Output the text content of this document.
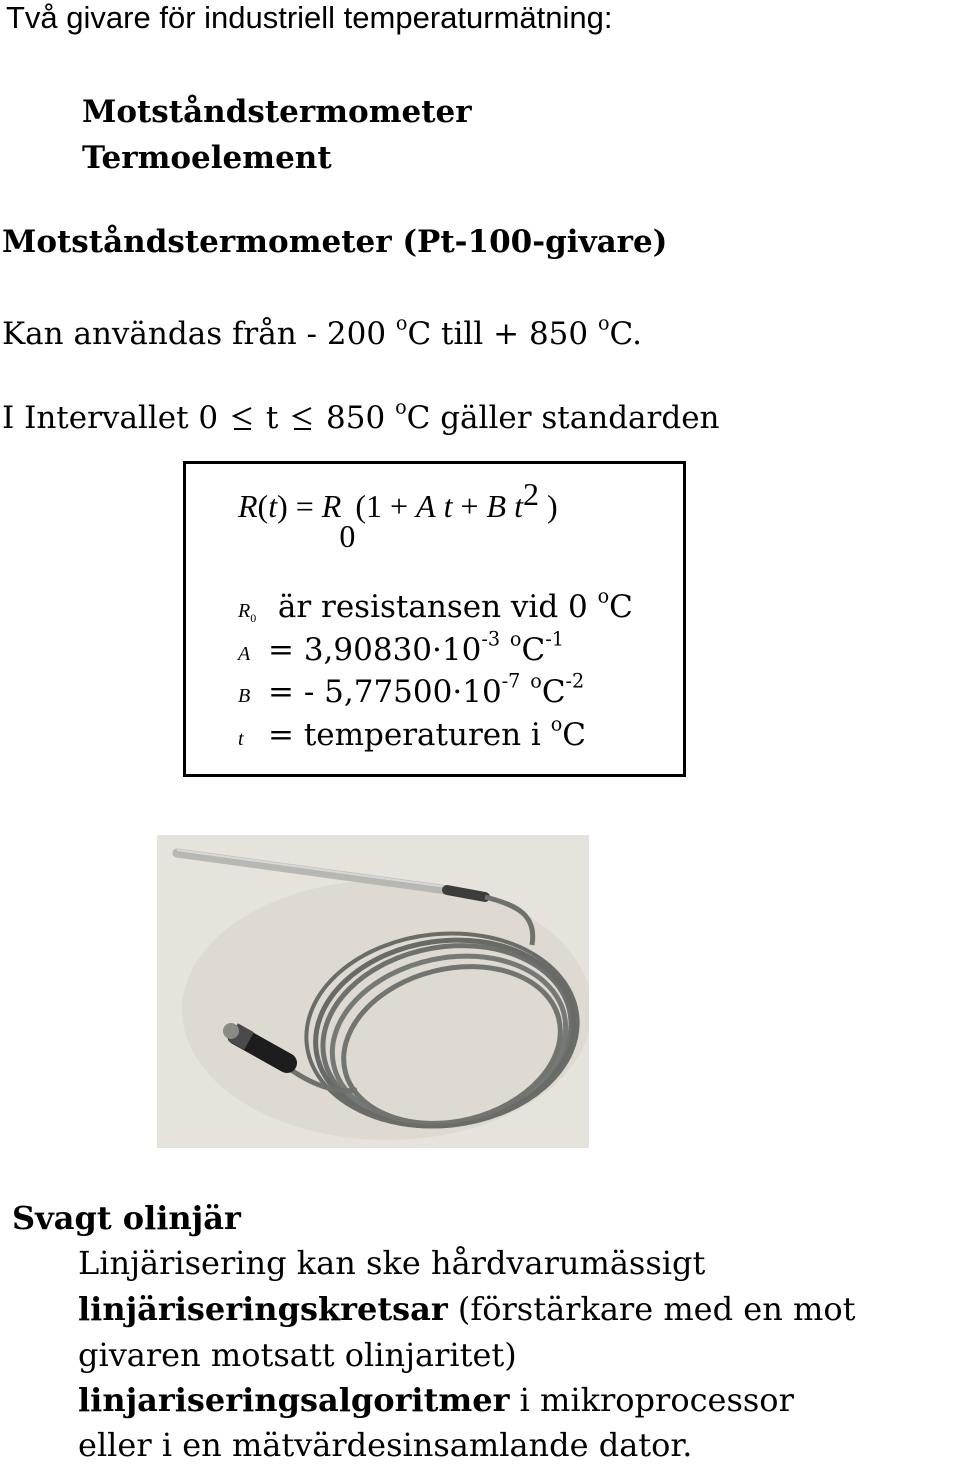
Två givare för industriell temperaturmätning:
Motståndstermometer
Termoelement
Motståndstermometer (Pt-100-givare)
Kan användas från - 200 $^o$C till + 850 $^o$C.
I Intervallet 0 t 850 $^o$C gäller standarden
R(t) = R0(1 + A t + B t2 )
$R_0$ är resistansen vid 0 $^o$C
$A = 3,90830\cdot 10^{-3}$ $^oC^{-1}$
B = - $5,77500\cdot 10^{-7}$ $^oC^{-2}$
t = temperaturen i $^o$C
Svagt olinjär
Linjärisering kan ske hårdvarumässigt
linjäriseringskretsar (förstärkare med en mot
givaren motsatt olinjaritet)
linjariseringsalgoritmer i mikroprocessor
eller i en mätvärdesinsamlande dator.
